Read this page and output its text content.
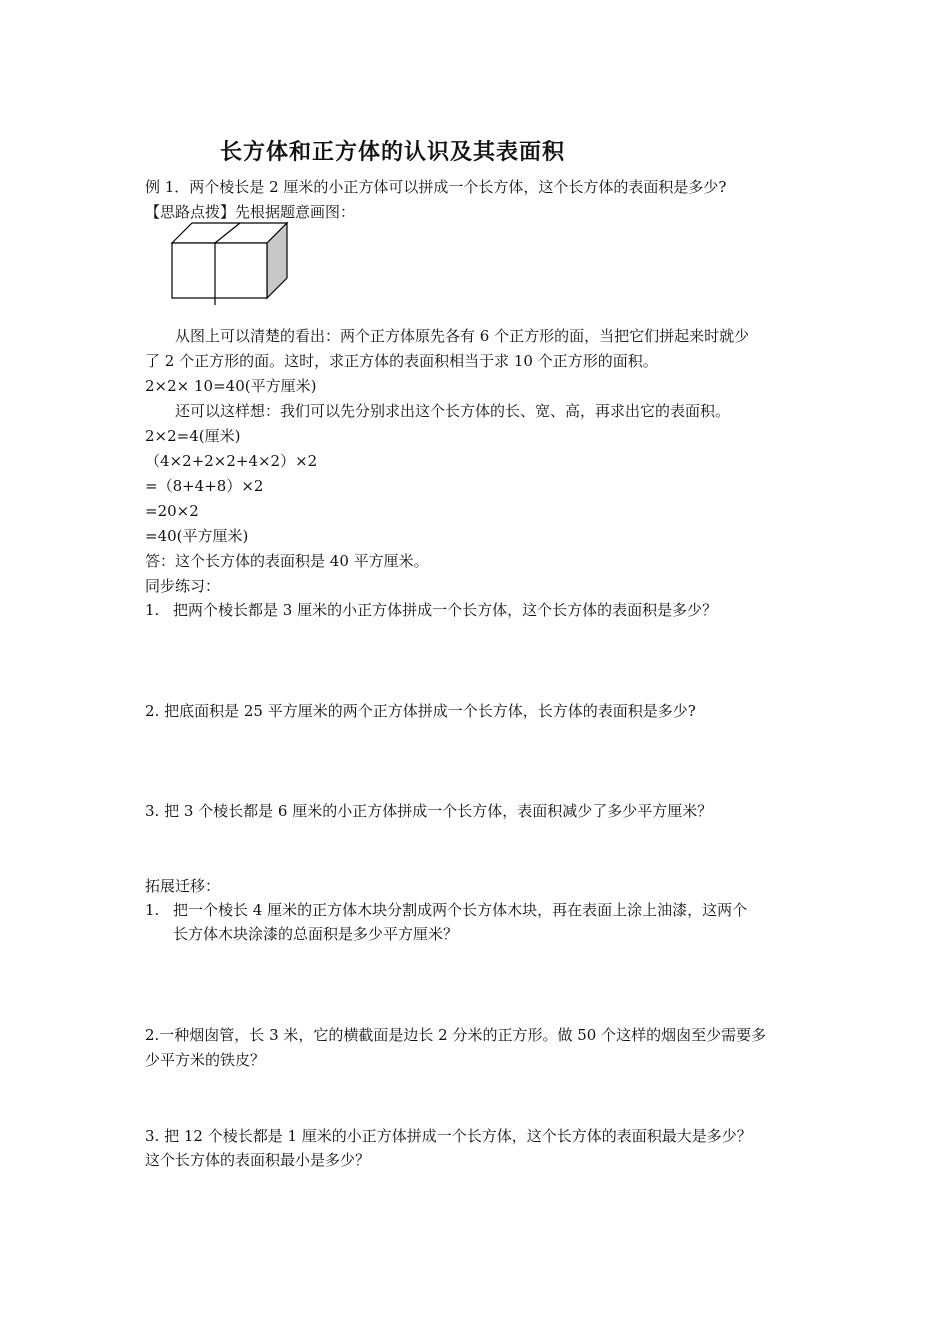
长方体和正方体的认识及其表面积
例 1．两个棱长是 2 厘米的小正方体可以拼成一个长方体，这个长方体的表面积是多少?
【思路点拨】先根据题意画图：
从图上可以清楚的看出：两个正方体原先各有 6 个正方形的面，当把它们拼起来时就少
了 2 个正方形的面。这时，求正方体的表面积相当于求 10 个正方形的面积。
2×2× 10=40(平方厘米)
还可以这样想：我们可以先分别求出这个长方体的长、宽、高，再求出它的表面积。
2×2=4(厘米)
（4×2+2×2+4×2）×2
=（8+4+8）×2
=20×2
=40(平方厘米)
答：这个长方体的表面积是 40 平方厘米。
同步练习：
1. 把两个棱长都是 3 厘米的小正方体拼成一个长方体，这个长方体的表面积是多少？
2. 把底面积是 25 平方厘米的两个正方体拼成一个长方体，长方体的表面积是多少?
3. 把 3 个棱长都是 6 厘米的小正方体拼成一个长方体，表面积减少了多少平方厘米？
拓展迁移：
1. 把一个棱长 4 厘米的正方体木块分割成两个长方体木块，再在表面上涂上油漆，这两个
长方体木块涂漆的总面积是多少平方厘米？
2.一种烟囱管，长 3 米，它的横截面是边长 2 分米的正方形。做 50 个这样的烟囱至少需要多
少平方米的铁皮？
3. 把 12 个棱长都是 1 厘米的小正方体拼成一个长方体，这个长方体的表面积最大是多少？
这个长方体的表面积最小是多少？
